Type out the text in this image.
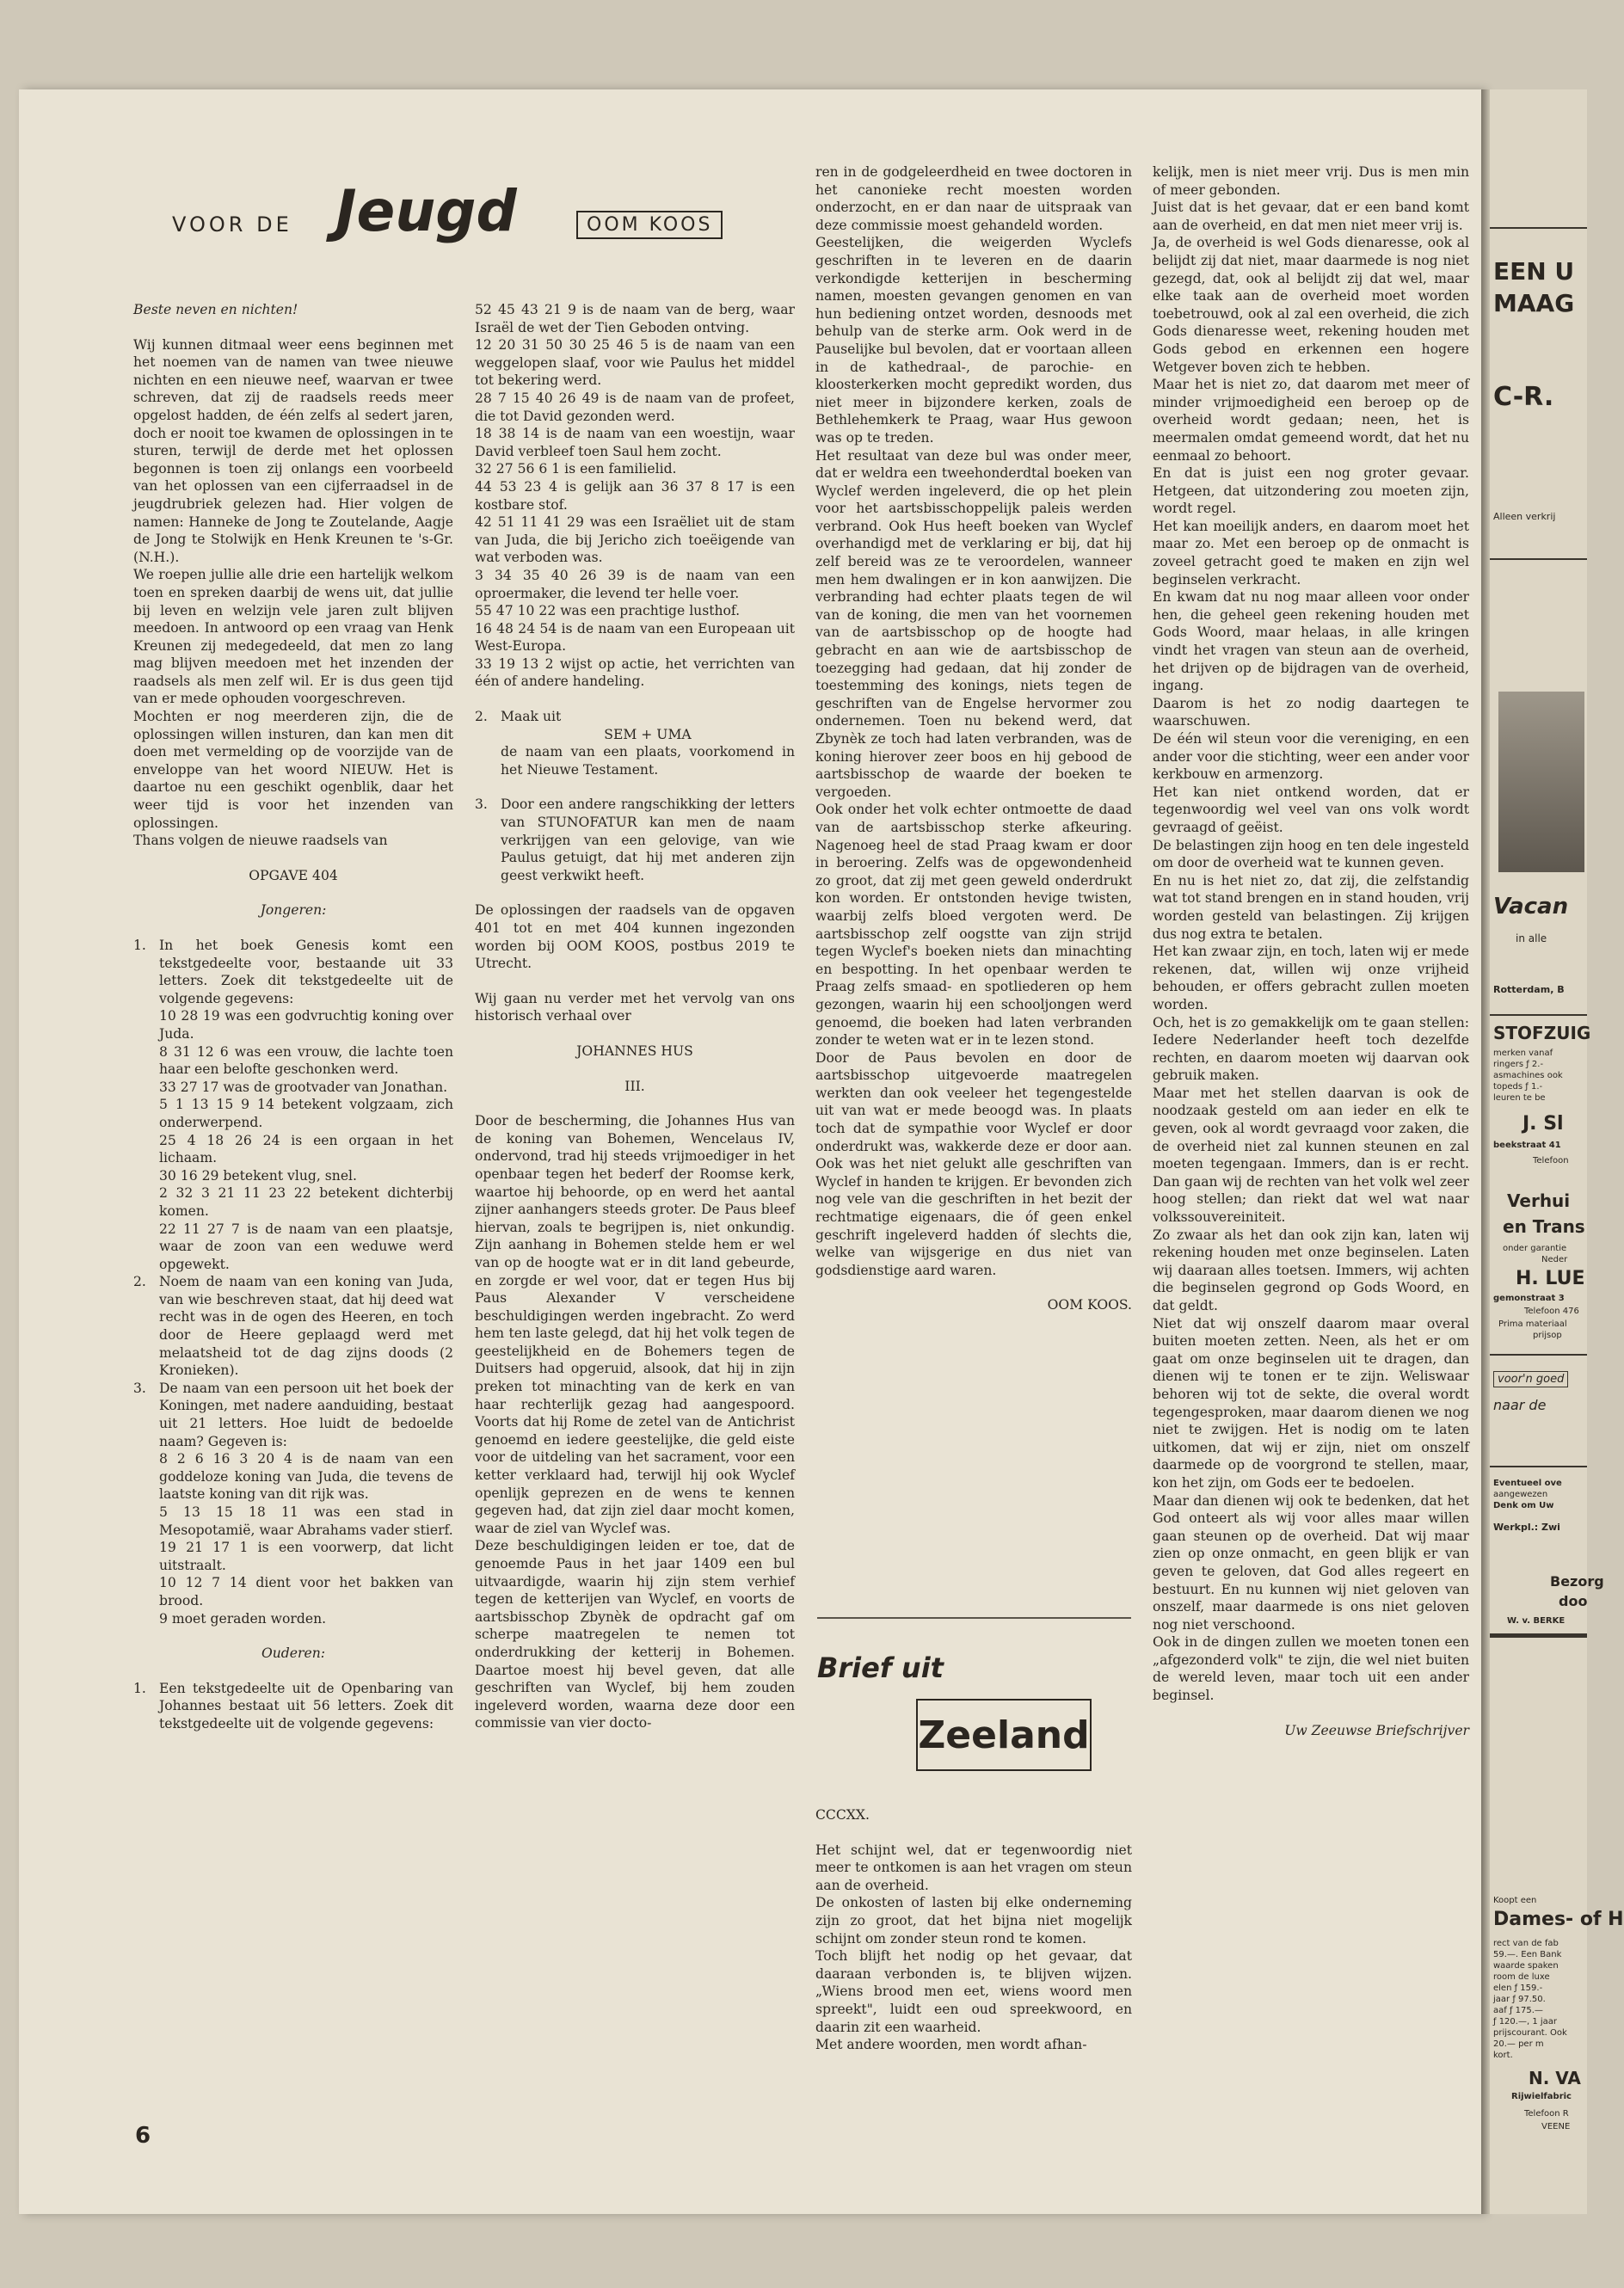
VOOR DE Jeugd	OOM KOOS

Beste neven en nichten!

Wij kunnen ditmaal weer eens beginnen met het noemen van de namen van twee nieuwe nichten en een nieuwe neef, waarvan er twee schreven, dat zij de raadsels reeds meer opgelost hadden, de één zelfs al sedert jaren, doch er nooit toe kwamen de oplossingen in te sturen, terwijl de derde met het oplossen begonnen is toen zij onlangs een voorbeeld van het oplossen van een cijferraadsel in de jeugdrubriek gelezen had. Hier volgen de namen: Hanneke de Jong te Zoutelande, Aagje de Jong te Stolwijk en Henk Kreunen te 's-Gr. (N.H.).

We roepen jullie alle drie een hartelijk welkom toen en spreken daarbij de wens uit, dat jullie bij leven en welzijn vele jaren zult blijven meedoen. In antwoord op een vraag van Henk Kreunen zij medegedeeld, dat men zo lang mag blijven meedoen met het inzenden der raadsels als men zelf wil. Er is dus geen tijd van er mede ophouden voorgeschreven.

Mochten er nog meerderen zijn, die de oplossingen willen insturen, dan kan men dit doen met vermelding op de voorzijde van de enveloppe van het woord NIEUW. Het is daartoe nu een geschikt ogenblik, daar het weer tijd is voor het inzenden van oplossingen.

Thans volgen de nieuwe raadsels van

OPGAVE 404

Jongeren:

1. In het boek Genesis komt een tekstgedeelte voor, bestaande uit 33 letters. Zoek dit tekstgedeelte uit de volgende gegevens:

10 28 19 was een godvruchtig koning over Juda.

8 31 12 6 was een vrouw, die lachte toen haar een belofte geschonken werd.

33 27 17 was de grootvader van Jonathan.

5 1 13 15 9 14 betekent volgzaam, zich onderwerpend.

25 4 18 26 24 is een orgaan in het lichaam.

30 16 29 betekent vlug, snel.

2 32 3 21 11 23 22 betekent dichterbij komen.

22 11 27 7 is de naam van een plaatsje, waar de zoon van een weduwe werd opgewekt.

2. Noem de naam van een koning van Juda, van wie beschreven staat, dat hij deed wat recht was in de ogen des Heeren, en toch door de Heere geplaagd werd met melaatsheid tot de dag zijns doods (2 Kronieken).

3. De naam van een persoon uit het boek der Koningen, met nadere aanduiding, bestaat uit 21 letters. Hoe luidt de bedoelde naam? Gegeven is:

8 2 6 16 3 20 4 is de naam van een goddeloze koning van Juda, die tevens de laatste koning van dit rijk was.

5 13 15 18 11 was een stad in Mesopotamië, waar Abrahams vader stierf.

19 21 17 1 is een voorwerp, dat licht uitstraalt.

10 12 7 14 dient voor het bakken van brood.

9 moet geraden worden.

Ouderen:

1. Een tekstgedeelte uit de Openbaring van Johannes bestaat uit 56 letters. Zoek dit tekstgedeelte uit de volgende gegevens:

52 45 43 21 9 is de naam van de berg, waar Israël de wet der Tien Geboden ontving.

12 20 31 50 30 25 46 5 is de naam van een weggelopen slaaf, voor wie Paulus het middel tot bekering werd.

28 7 15 40 26 49 is de naam van de profeet, die tot David gezonden werd.

18 38 14 is de naam van een woestijn, waar David verbleef toen Saul hem zocht.

32 27 56 6 1 is een familielid.

44 53 23 4 is gelijk aan 36 37 8 17 is een kostbare stof.

42 51 11 41 29 was een Israëliet uit de stam van Juda, die bij Jericho zich toeëigende van wat verboden was.

3 34 35 40 26 39 is de naam van een oproermaker, die levend ter helle voer.

55 47 10 22 was een prachtige lusthof.

16 48 24 54 is de naam van een Europeaan uit West-Europa.

33 19 13 2 wijst op actie, het verrichten van één of andere handeling.

2. Maak uit

SEM + UMA

de naam van een plaats, voorkomend in het Nieuwe Testament.

3. Door een andere rangschikking der letters van STUNOFATUR kan men de naam verkrijgen van een gelovige, van wie Paulus getuigt, dat hij met anderen zijn geest verkwikt heeft.

De oplossingen der raadsels van de opgaven 401 tot en met 404 kunnen ingezonden worden bij OOM KOOS, postbus 2019 te Utrecht.

Wij gaan nu verder met het vervolg van ons historisch verhaal over

JOHANNES HUS

III.

Door de bescherming, die Johannes Hus van de koning van Bohemen, Wencelaus IV, ondervond, trad hij steeds vrijmoediger in het openbaar tegen het bederf der Roomse kerk, waartoe hij behoorde, op en werd het aantal zijner aanhangers steeds groter. De Paus bleef hiervan, zoals te begrijpen is, niet onkundig. Zijn aanhang in Bohemen stelde hem er wel van op de hoogte wat er in dit land gebeurde, en zorgde er wel voor, dat er tegen Hus bij Paus Alexander V verscheidene beschuldigingen werden ingebracht. Zo werd hem ten laste gelegd, dat hij het volk tegen de geestelijkheid en de Bohemers tegen de Duitsers had opgeruid, alsook, dat hij in zijn preken tot minachting van de kerk en van haar rechterlijk gezag had aangespoord. Voorts dat hij Rome de zetel van de Antichrist genoemd en iedere geestelijke, die geld eiste voor de uitdeling van het sacrament, voor een ketter verklaard had, terwijl hij ook Wyclef openlijk geprezen en de wens te kennen gegeven had, dat zijn ziel daar mocht komen, waar de ziel van Wyclef was.

Deze beschuldigingen leiden er toe, dat de genoemde Paus in het jaar 1409 een bul uitvaardigde, waarin hij zijn stem verhief tegen de ketterijen van Wyclef, en voorts de aartsbisschop Zbynèk de opdracht gaf om scherpe maatregelen te nemen tot onderdrukking der ketterij in Bohemen. Daartoe moest hij bevel geven, dat alle geschriften van Wyclef, bij hem zouden ingeleverd worden, waarna deze door een commissie van vier docto-

ren in de godgeleerdheid en twee doctoren in het canonieke recht moesten worden onderzocht, en er dan naar de uitspraak van deze commissie moest gehandeld worden.

Geestelijken, die weigerden Wyclefs geschriften in te leveren en de daarin verkondigde ketterijen in bescherming namen, moesten gevangen genomen en van hun bediening ontzet worden, desnoods met behulp van de sterke arm. Ook werd in de Pauselijke bul bevolen, dat er voortaan alleen in de kathedraal-, de parochie- en kloosterkerken mocht gepredikt worden, dus niet meer in bijzondere kerken, zoals de Bethlehemkerk te Praag, waar Hus gewoon was op te treden.

Het resultaat van deze bul was onder meer, dat er weldra een tweehonderdtal boeken van Wyclef werden ingeleverd, die op het plein voor het aartsbisschoppelijk paleis werden verbrand. Ook Hus heeft boeken van Wyclef overhandigd met de verklaring er bij, dat hij zelf bereid was ze te veroordelen, wanneer men hem dwalingen er in kon aanwijzen. Die verbranding had echter plaats tegen de wil van de koning, die men van het voornemen van de aartsbisschop op de hoogte had gebracht en aan wie de aartsbisschop de toezegging had gedaan, dat hij zonder de toestemming des konings, niets tegen de geschriften van de Engelse hervormer zou ondernemen. Toen nu bekend werd, dat Zbynèk ze toch had laten verbranden, was de koning hierover zeer boos en hij gebood de aartsbisschop de waarde der boeken te vergoeden.

Ook onder het volk echter ontmoette de daad van de aartsbisschop sterke afkeuring. Nagenoeg heel de stad Praag kwam er door in beroering. Zelfs was de opgewondenheid zo groot, dat zij met geen geweld onderdrukt kon worden. Er ontstonden hevige twisten, waarbij zelfs bloed vergoten werd. De aartsbisschop zelf oogstte van zijn strijd tegen Wyclef's boeken niets dan minachting en bespotting. In het openbaar werden te Praag zelfs smaad- en spotliederen op hem gezongen, waarin hij een schooljongen werd genoemd, die boeken had laten verbranden zonder te weten wat er in te lezen stond.

Door de Paus bevolen en door de aartsbisschop uitgevoerde maatregelen werkten dan ook veeleer het tegengestelde uit van wat er mede beoogd was. In plaats toch dat de sympathie voor Wyclef er door onderdrukt was, wakkerde deze er door aan. Ook was het niet gelukt alle geschriften van Wyclef in handen te krijgen. Er bevonden zich nog vele van die geschriften in het bezit der rechtmatige eigenaars, die óf geen enkel geschrift ingeleverd hadden óf slechts die, welke van wijsgerige en dus niet van godsdienstige aard waren.

OOM KOOS.

Brief uit
Zeeland

CCCXX.

Het schijnt wel, dat er tegenwoordig niet meer te ontkomen is aan het vragen om steun aan de overheid.

De onkosten of lasten bij elke onderneming zijn zo groot, dat het bijna niet mogelijk schijnt om zonder steun rond te komen.

Toch blijft het nodig op het gevaar, dat daaraan verbonden is, te blijven wijzen. „Wiens brood men eet, wiens woord men spreekt", luidt een oud spreekwoord, en daarin zit een waarheid.

Met andere woorden, men wordt afhan-

kelijk, men is niet meer vrij. Dus is men min of meer gebonden.

Juist dat is het gevaar, dat er een band komt aan de overheid, en dat men niet meer vrij is.

Ja, de overheid is wel Gods dienaresse, ook al belijdt zij dat niet, maar daarmede is nog niet gezegd, dat, ook al belijdt zij dat wel, maar elke taak aan de overheid moet worden toebetrouwd, ook al zal een overheid, die zich Gods dienaresse weet, rekening houden met Gods gebod en erkennen een hogere Wetgever boven zich te hebben.

Maar het is niet zo, dat daarom met meer of minder vrijmoedigheid een beroep op de overheid wordt gedaan; neen, het is meermalen omdat gemeend wordt, dat het nu eenmaal zo behoort.

En dat is juist een nog groter gevaar. Hetgeen, dat uitzondering zou moeten zijn, wordt regel.

Het kan moeilijk anders, en daarom moet het maar zo. Met een beroep op de onmacht is zoveel getracht goed te maken en zijn wel beginselen verkracht.

En kwam dat nu nog maar alleen voor onder hen, die geheel geen rekening houden met Gods Woord, maar helaas, in alle kringen vindt het vragen van steun aan de overheid, het drijven op de bijdragen van de overheid, ingang.

Daarom is het zo nodig daartegen te waarschuwen.

De één wil steun voor die vereniging, en een ander voor die stichting, weer een ander voor kerkbouw en armenzorg.

Het kan niet ontkend worden, dat er tegenwoordig wel veel van ons volk wordt gevraagd of geëist.

De belastingen zijn hoog en ten dele ingesteld om door de overheid wat te kunnen geven.

En nu is het niet zo, dat zij, die zelfstandig wat tot stand brengen en in stand houden, vrij worden gesteld van belastingen. Zij krijgen dus nog extra te betalen.

Het kan zwaar zijn, en toch, laten wij er mede rekenen, dat, willen wij onze vrijheid behouden, er offers gebracht zullen moeten worden.

Och, het is zo gemakkelijk om te gaan stellen: Iedere Nederlander heeft toch dezelfde rechten, en daarom moeten wij daarvan ook gebruik maken.

Maar met het stellen daarvan is ook de noodzaak gesteld om aan ieder en elk te geven, ook al wordt gevraagd voor zaken, die de overheid niet zal kunnen steunen en zal moeten tegengaan. Immers, dan is er recht. Dan gaan wij de rechten van het volk wel zeer hoog stellen; dan riekt dat wel wat naar volkssouvereiniteit.

Zo zwaar als het dan ook zijn kan, laten wij rekening houden met onze beginselen. Laten wij daaraan alles toetsen. Immers, wij achten die beginselen gegrond op Gods Woord, en dat geldt.

Niet dat wij onszelf daarom maar overal buiten moeten zetten. Neen, als het er om gaat om onze beginselen uit te dragen, dan dienen wij te tonen er te zijn. Weliswaar behoren wij tot de sekte, die overal wordt tegengesproken, maar daarom dienen we nog niet te zwijgen. Het is nodig om te laten uitkomen, dat wij er zijn, niet om onszelf daarmede op de voorgrond te stellen, maar, kon het zijn, om Gods eer te bedoelen.

Maar dan dienen wij ook te bedenken, dat het God onteert als wij voor alles maar willen gaan steunen op de overheid. Dat wij maar zien op onze onmacht, en geen blijk er van geven te geloven, dat God alles regeert en bestuurt. En nu kunnen wij niet geloven van onszelf, maar daarmede is ons niet geloven nog niet verschoond.

Ook in de dingen zullen we moeten tonen een „afgezonderd volk" te zijn, die wel niet buiten de wereld leven, maar toch uit een ander beginsel.

Uw Zeeuwse Briefschrijver

6
EEN U
MAAG
C-R.
Alleen verkrij
Vacan
in alle
Rotterdam, B
STOFZUIG
merken vanaf
ringers ƒ 2.-
asmachines ook
topeds ƒ 1.-
leuren te be
J. Sl
beekstraat 41
Telefoon
Verhui
en Trans
onder garantie
Neder
H. LUE
gemonstraat 3
Telefoon 476
Prima materiaal
prijsop
voor'n goed
naar de
Eventueel ove
aangewezen
Denk om Uw
Werkpl.: Zwi
Bezorg
doo
W. v. BERKE
Koopt een
Dames- of H
rect van de fab
59.—. Een Bank
waarde spaken
room de luxe
elen ƒ 159.-
jaar ƒ 97.50.
aaf ƒ 175.—
ƒ 120.—, 1 jaar
prijscourant. Ook
20.— per m
kort.
N. VA
Rijwielfabric
Telefoon R
VEENE
